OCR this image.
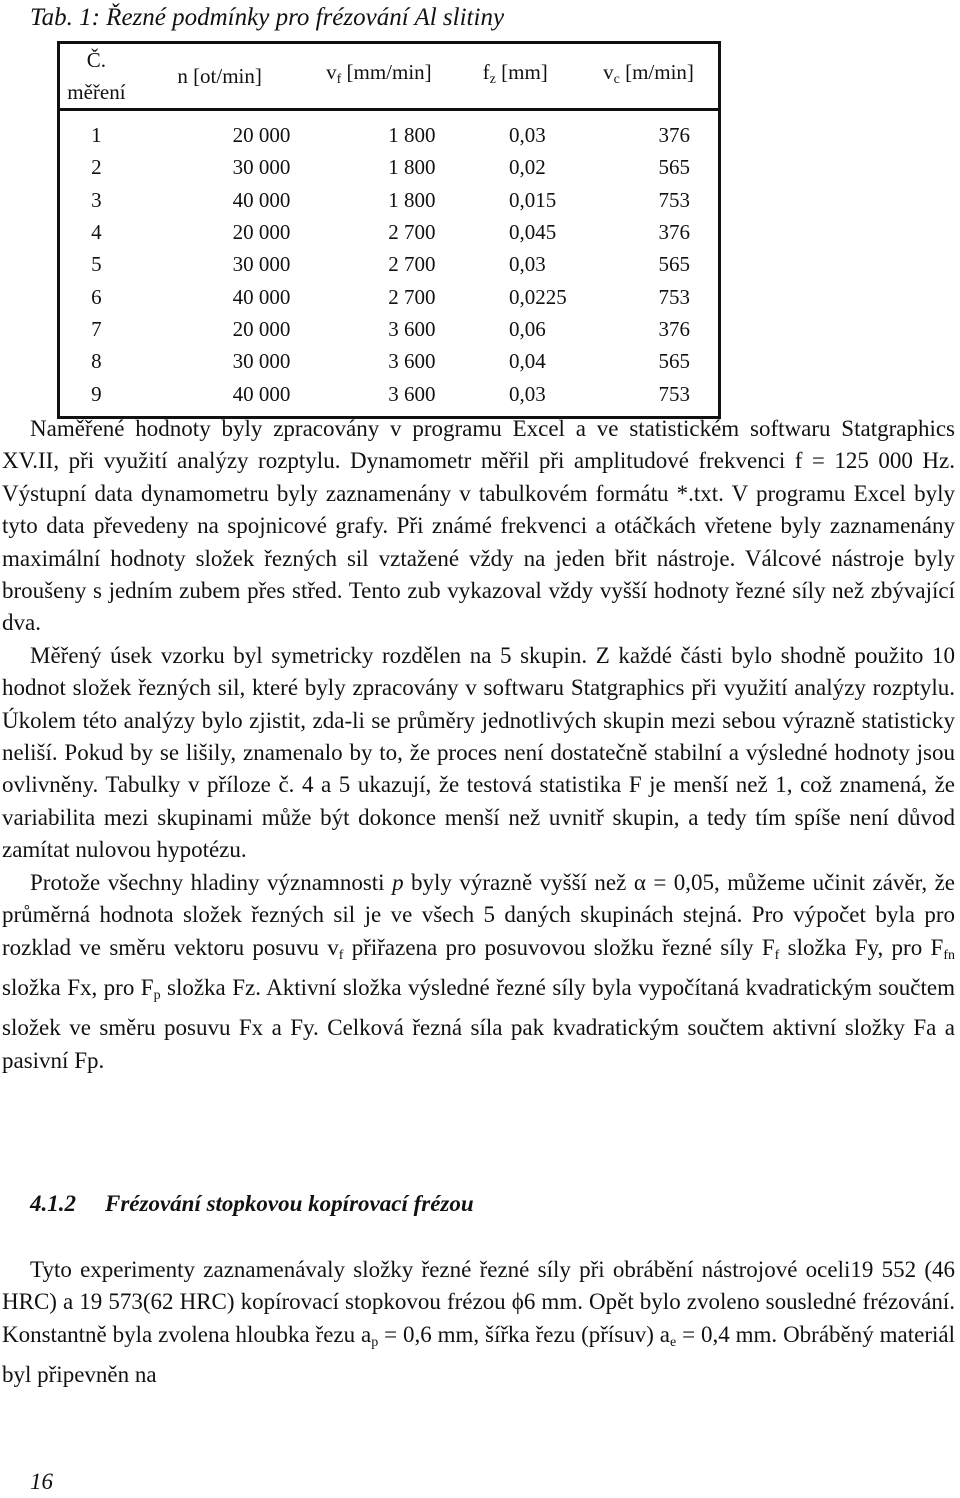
Tab. 1: Řezné podmínky pro frézování Al slitiny
Č. měření	n [ot/min]	$v_f$ [mm/min]	$f_z$ [mm]	$v_c$ [m/min]
1	20 000	1 800	0,03	376
2	30 000	1 800	0,02	565
3	40 000	1 800	0,015	753
4	20 000	2 700	0,045	376
5	30 000	2 700	0,03	565
6	40 000	2 700	0,0225	753
7	20 000	3 600	0,06	376
8	30 000	3 600	0,04	565
9	40 000	3 600	0,03	753

Naměřené hodnoty byly zpracovány v programu Excel a ve statistickém softwaru Statgraphics XV.II, při využití analýzy rozptylu. Dynamometr měřil při amplitudové frekvenci f = 125 000 Hz. Výstupní data dynamometru byly zaznamenány v tabulkovém formátu *.txt. V programu Excel byly tyto data převedeny na spojnicové grafy. Při známé frekvenci a otáčkách vřetene byly zaznamenány maximální hodnoty složek řezných sil vztažené vždy na jeden břit nástroje. Válcové nástroje byly broušeny s jedním zubem přes střed. Tento zub vykazoval vždy vyšší hodnoty řezné síly než zbývající dva.

Měřený úsek vzorku byl symetricky rozdělen na 5 skupin. Z každé části bylo shodně použito 10 hodnot složek řezných sil, které byly zpracovány v softwaru Statgraphics při využití analýzy rozptylu. Úkolem této analýzy bylo zjistit, zda-li se průměry jednotlivých skupin mezi sebou výrazně statisticky neliší. Pokud by se lišily, znamenalo by to, že proces není dostatečně stabilní a výsledné hodnoty jsou ovlivněny. Tabulky v příloze č. 4 a 5 ukazují, že testová statistika F je menší než 1, což znamená, že variabilita mezi skupinami může být dokonce menší než uvnitř skupin, a tedy tím spíše není důvod zamítat nulovou hypotézu.

Protože všechny hladiny významnosti p byly výrazně vyšší než α = 0,05, můžeme učinit závěr, že průměrná hodnota složek řezných sil je ve všech 5 daných skupinách stejná. Pro výpočet byla pro rozklad ve směru vektoru posuvu $v_f$ přiřazena pro posuvovou složku řezné síly $F_f$ složka Fy, pro $F_{fn}$ složka Fx, pro $F_p$ složka Fz. Aktivní složka výsledné řezné síly byla vypočítaná kvadratickým součtem složek ve směru posuvu Fx a Fy. Celková řezná síla pak kvadratickým součtem aktivní složky Fa a pasivní Fp.

4.1.2 Frézování stopkovou kopírovací frézou

Tyto experimenty zaznamenávaly složky řezné řezné síly při obrábění nástrojové oceli19 552 (46 HRC) a 19 573(62 HRC) kopírovací stopkovou frézou ϕ6 mm. Opět bylo zvoleno sousledné frézování. Konstantně byla zvolena hloubka řezu $a_p = 0,6$ mm, šířka řezu (přísuv) $a_e = 0,4$ mm. Obráběný materiál byl připevněn na

16
